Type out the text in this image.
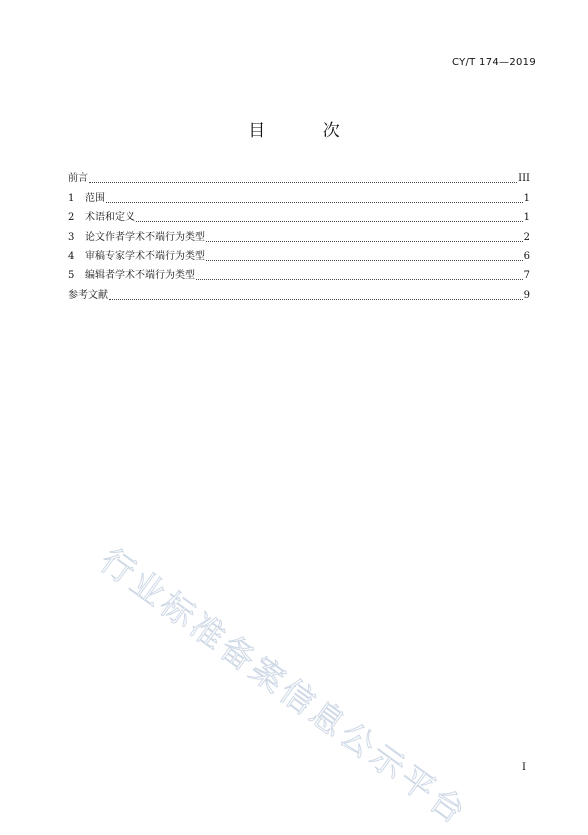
CY/T 174—2019
目 次
前言	III
1	范围	1
2	术语和定义	1
3	论文作者学术不端行为类型	2
4	审稿专家学术不端行为类型	6
5	编辑者学术不端行为类型	7
参考文献	9
行业标准备案信息公示平台	I
